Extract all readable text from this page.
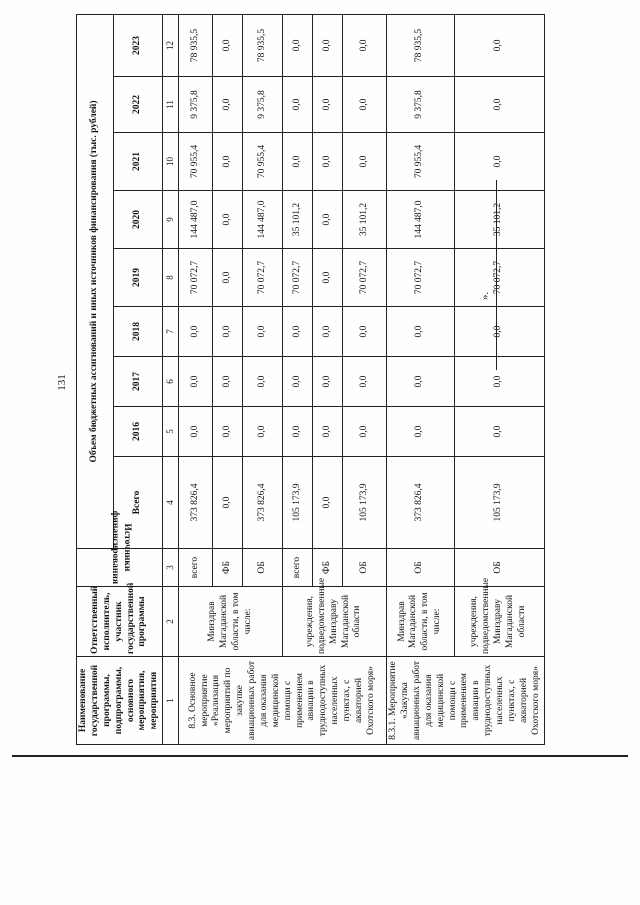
131
Наименование государственной программы, подпрограммы, основного мероприятия, мероприятия	Ответственный исполнитель, участник государственной программы	Источники финансирования	Объем бюджетных ассигнований и иных источников финансирования (тыс. рублей)								
			Всего	2016	2017	2018	2019	2020	2021	2022	2023
1	2	3	4	5	6	7	8	9	10	11	12
8.3. Основное мероприятие «Реализация мероприятий по закупке авиационных работ для оказания медицинской помощи с применением авиации в труднодоступных населенных пунктах, с акваторией Охотского моря»	Минздрав Магаданской области, в том числе:	всего	373 826,4	0,0	0,0	0,0	70 072,7	144 487,0	70 955,4	9 375,8	78 935,5
		ФБ	0,0	0,0	0,0	0,0	0,0	0,0	0,0	0,0	0,0
		ОБ	373 826,4	0,0	0,0	0,0	70 072,7	144 487,0	70 955,4	9 375,8	78 935,5
	учреждения, подведомственные Минздраву Магаданской области	всего	105 173,9	0,0	0,0	0,0	70 072,7	35 101,2	0,0	0,0	0,0
		ФБ	0,0	0,0	0,0	0,0	0,0	0,0	0,0	0,0	0,0
		ОБ	105 173,9	0,0	0,0	0,0	70 072,7	35 101,2	0,0	0,0	0,0
8.3.1. Мероприятие «Закупка авиационных работ для оказания медицинской помощи с применением авиации в труднодоступных населенных пунктах, с акваторией Охотского моря»	Минздрав Магаданской области, в том числе:	ОБ	373 826,4	0,0	0,0	0,0	70 072,7	144 487,0	70 955,4	9 375,8	78 935,5
	учреждения, подведомственные Минздраву Магаданской области	ОБ	105 173,9	0,0	0,0	0,0	70 072,7	35 101,2	0,0	0,0	0,0
».
